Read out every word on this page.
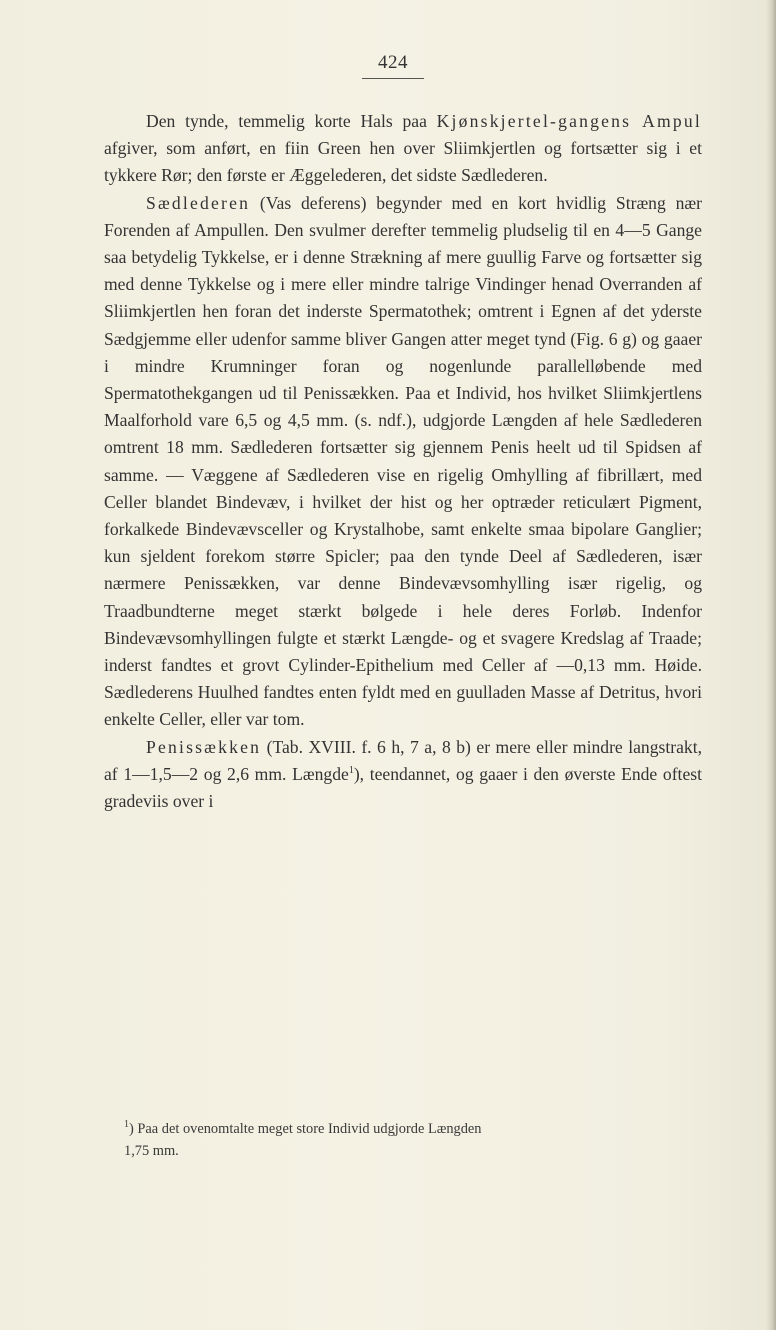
424

Den tynde, temmelig korte Hals paa Kjønskjertel-gangens Ampul afgiver, som anført, en fiin Green hen over Sliimkjertlen og fortsætter sig i et tykkere Rør; den første er Æggelederen, det sidste Sædlederen.

Sædlederen (Vas deferens) begynder med en kort hvidlig Stræng nær Forenden af Ampullen. Den svulmer derefter temmelig pludselig til en 4—5 Gange saa betydelig Tykkelse, er i denne Strækning af mere guullig Farve og fortsætter sig med denne Tykkelse og i mere eller mindre talrige Vindinger henad Overranden af Sliimkjertlen hen foran det inderste Spermatothek; omtrent i Egnen af det yderste Sædgjemme eller udenfor samme bliver Gangen atter meget tynd (Fig. 6 g) og gaaer i mindre Krumninger foran og nogenlunde parallelløbende med Spermatothekgangen ud til Penissækken. Paa et Individ, hos hvilket Sliimkjertlens Maalforhold vare 6,5 og 4,5 mm. (s. ndf.), udgjorde Længden af hele Sædlederen omtrent 18 mm. Sædlederen fortsætter sig gjennem Penis heelt ud til Spidsen af samme. — Væggene af Sædlederen vise en rigelig Omhylling af fibrillært, med Celler blandet Bindevæv, i hvilket der hist og her optræder reticulært Pigment, forkalkede Bindevævsceller og Krystalhobe, samt enkelte smaa bipolare Ganglier; kun sjeldent forekom større Spicler; paa den tynde Deel af Sædlederen, især nærmere Penissækken, var denne Bindevævsomhylling især rigelig, og Traadbundterne meget stærkt bølgede i hele deres Forløb. Indenfor Bindevævsomhyllingen fulgte et stærkt Længde- og et svagere Kredslag af Traade; inderst fandtes et grovt Cylinder-Epithelium med Celler af —0,13 mm. Høide. Sædlederens Huulhed fandtes enten fyldt med en guulladen Masse af Detritus, hvori enkelte Celler, eller var tom.

Penissækken (Tab. XVIII. f. 6 h, 7 a, 8 b) er mere eller mindre langstrakt, af 1—1,5—2 og 2,6 mm. Længde$^1$), teendannet, og gaaer i den øverste Ende oftest gradeviis over i

$^1$) Paa det ovenomtalte meget store Individ udgjorde Længden
1,75 mm.
